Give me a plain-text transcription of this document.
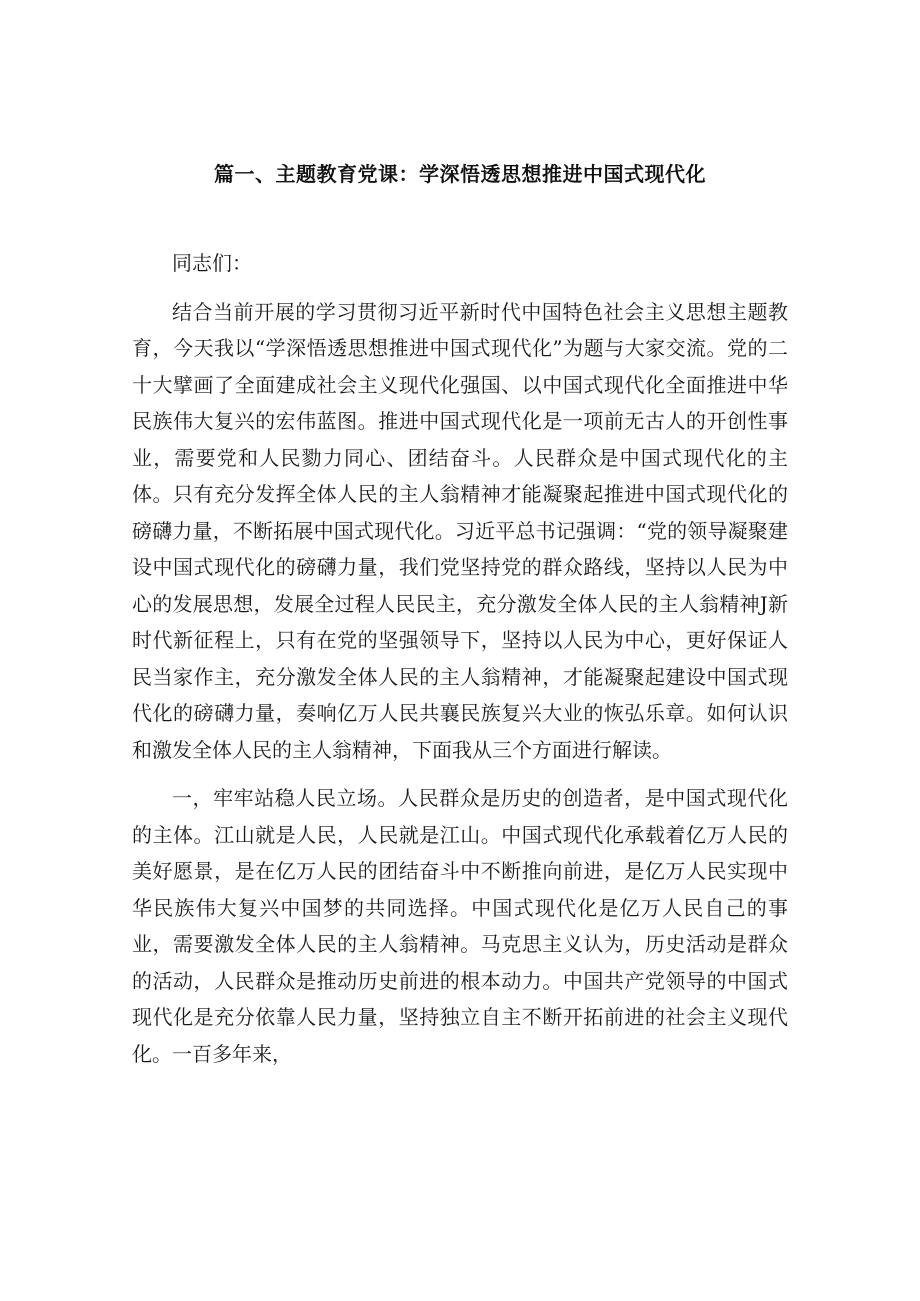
篇一、主题教育党课：学深悟透思想推进中国式现代化

同志们：

结合当前开展的学习贯彻习近平新时代中国特色社会主义思想主题教育，今天我以“学深悟透思想推进中国式现代化”为题与大家交流。党的二十大擘画了全面建成社会主义现代化强国、以中国式现代化全面推进中华民族伟大复兴的宏伟蓝图。推进中国式现代化是一项前无古人的开创性事业，需要党和人民勠力同心、团结奋斗。人民群众是中国式现代化的主体。只有充分发挥全体人民的主人翁精神才能凝聚起推进中国式现代化的磅礴力量，不断拓展中国式现代化。习近平总书记强调：“党的领导凝聚建设中国式现代化的磅礴力量，我们党坚持党的群众路线，坚持以人民为中心的发展思想，发展全过程人民民主，充分激发全体人民的主人翁精神J新时代新征程上，只有在党的坚强领导下，坚持以人民为中心，更好保证人民当家作主，充分激发全体人民的主人翁精神，才能凝聚起建设中国式现代化的磅礴力量，奏响亿万人民共襄民族复兴大业的恢弘乐章。如何认识和激发全体人民的主人翁精神，下面我从三个方面进行解读。

一，牢牢站稳人民立场。人民群众是历史的创造者，是中国式现代化的主体。江山就是人民，人民就是江山。中国式现代化承载着亿万人民的美好愿景，是在亿万人民的团结奋斗中不断推向前进，是亿万人民实现中华民族伟大复兴中国梦的共同选择。中国式现代化是亿万人民自己的事业，需要激发全体人民的主人翁精神。马克思主义认为，历史活动是群众的活动，人民群众是推动历史前进的根本动力。中国共产党领导的中国式现代化是充分依靠人民力量，坚持独立自主不断开拓前进的社会主义现代化。一百多年来，
